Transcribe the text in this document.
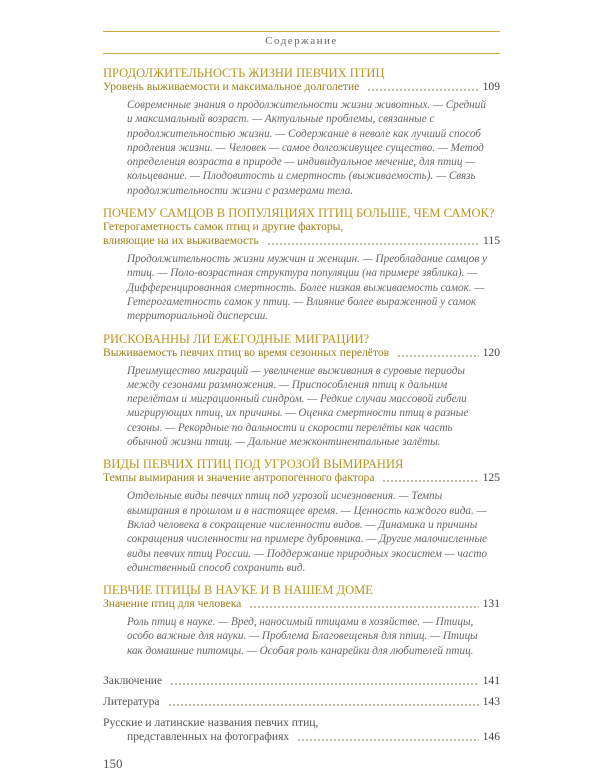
Содержание
ПРОДОЛЖИТЕЛЬНОСТЬ ЖИЗНИ ПЕВЧИХ ПТИЦ
Уровень выживаемости и максимальное долголетие	109
Современные знания о продолжительности жизни животных. — Средний и максимальный возраст. — Актуальные проблемы, связанные с продолжительностью жизни. — Содержание в неволе как лучший способ продления жизни. — Человек — самое долгоживущее существо. — Метод определения возраста в природе — индивидуальное мечение, для птиц — кольцевание. — Плодовитость и смертность (выживаемость). — Связь продолжительности жизни с размерами тела.
ПОЧЕМУ САМЦОВ В ПОПУЛЯЦИЯХ ПТИЦ БОЛЬШЕ, ЧЕМ САМОК?
Гетерогаметность самок птиц и другие факторы,
влияющие на их выживаемость	115
Продолжительность жизни мужчин и женщин. — Преобладание самцов у птиц. — Поло-возрастная структура популяции (на примере зяблика). — Дифференцированная смертность. Более низкая выживаемость самок. — Гетерогаметность самок у птиц. — Влияние более выраженной у самок территориальной дисперсии.
РИСКОВАННЫ ЛИ ЕЖЕГОДНЫЕ МИГРАЦИИ?
Выживаемость певчих птиц во время сезонных перелётов	120
Преимущество миграций — увеличение выживания в суровые периоды между сезонами размножения. — Приспособления птиц к дальним перелётам и миграционный синдром. — Редкие случаи массовой гибели мигрирующих птиц, их причины. — Оценка смертности птиц в разные сезоны. — Рекордные по дальности и скорости перелёты как часть обычной жизни птиц. — Дальние межконтинентальные залёты.
ВИДЫ ПЕВЧИХ ПТИЦ ПОД УГРОЗОЙ ВЫМИРАНИЯ
Темпы вымирания и значение антропогенного фактора	125
Отдельные виды певчих птиц под угрозой исчезновения. — Темпы вымирания в прошлом и в настоящее время. — Ценность каждого вида. — Вклад человека в сокращение численности видов. — Динамика и причины сокращения численности на примере дубровника. — Другие малочисленные виды певчих птиц России. — Поддержание природных экосистем — часто единственный способ сохранить вид.
ПЕВЧИЕ ПТИЦЫ В НАУКЕ И В НАШЕМ ДОМЕ
Значение птиц для человека	131
Роль птиц в науке. — Вред, наносимый птицами в хозяйстве. — Птицы, особо важные для науки. — Проблема Благовещенья для птиц. — Птицы как домашние питомцы. — Особая роль канарейки для любителей птиц.
Заключение	141
Литература	143
Русские и латинские названия певчих птиц,
представленных на фотографиях	146
150
